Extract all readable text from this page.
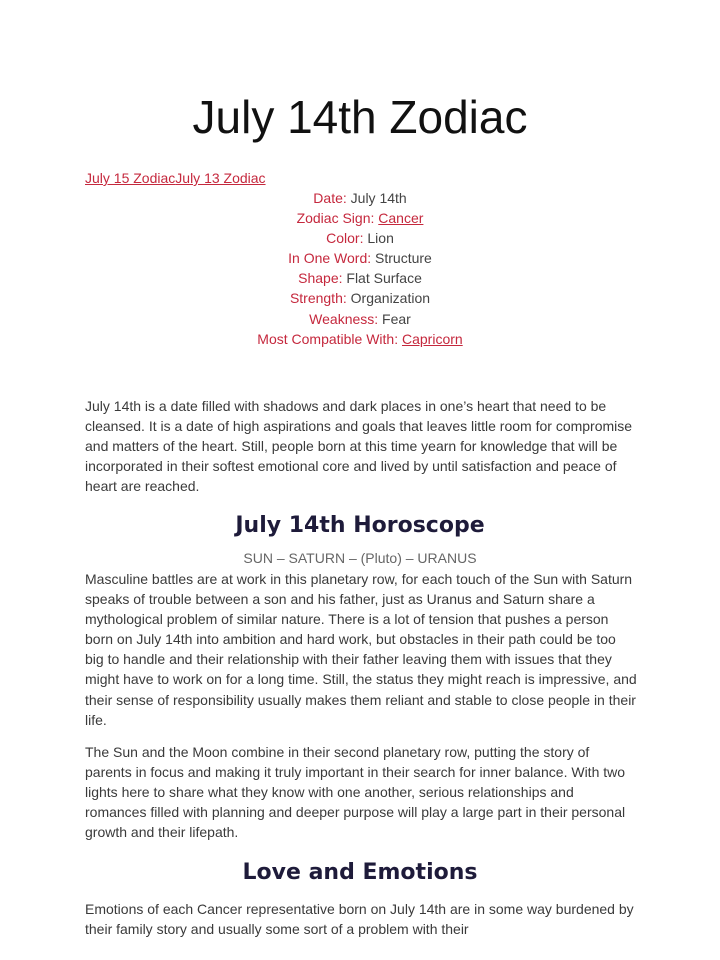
July 14th Zodiac
July 15 ZodiacJuly 13 Zodiac
Date: July 14th
Zodiac Sign: Cancer
Color: Lion
In One Word: Structure
Shape: Flat Surface
Strength: Organization
Weakness: Fear
Most Compatible With: Capricorn

July 14th is a date filled with shadows and dark places in one’s heart that need to be cleansed. It is a date of high aspirations and goals that leaves little room for compromise and matters of the heart. Still, people born at this time yearn for knowledge that will be incorporated in their softest emotional core and lived by until satisfaction and peace of heart are reached.

July 14th Horoscope
SUN – SATURN – (Pluto) – URANUS

Masculine battles are at work in this planetary row, for each touch of the Sun with Saturn speaks of trouble between a son and his father, just as Uranus and Saturn share a mythological problem of similar nature. There is a lot of tension that pushes a person born on July 14th into ambition and hard work, but obstacles in their path could be too big to handle and their relationship with their father leaving them with issues that they might have to work on for a long time. Still, the status they might reach is impressive, and their sense of responsibility usually makes them reliant and stable to close people in their life.

The Sun and the Moon combine in their second planetary row, putting the story of parents in focus and making it truly important in their search for inner balance. With two lights here to share what they know with one another, serious relationships and romances filled with planning and deeper purpose will play a large part in their personal growth and their lifepath.

Love and Emotions

Emotions of each Cancer representative born on July 14th are in some way burdened by their family story and usually some sort of a problem with their
